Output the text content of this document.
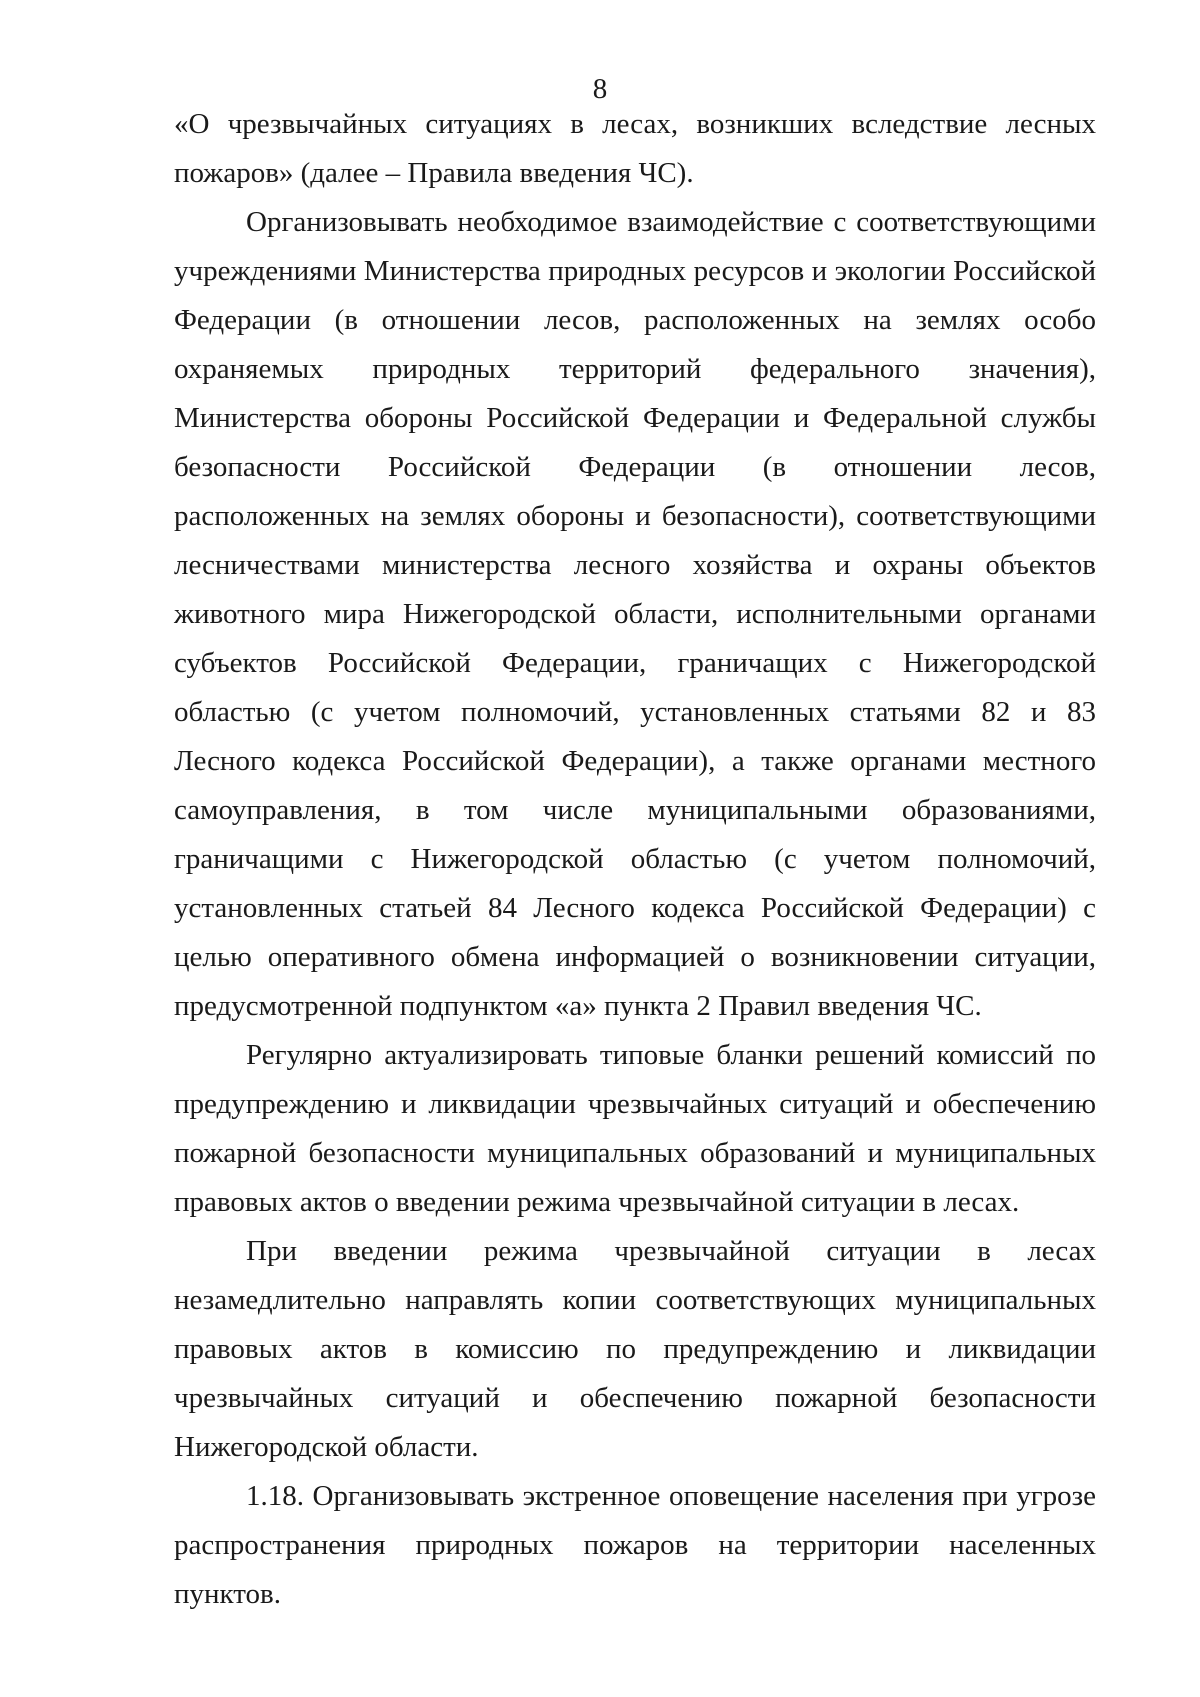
8

«О чрезвычайных ситуациях в лесах, возникших вследствие лесных пожаров» (далее – Правила введения ЧС).

Организовывать необходимое взаимодействие с соответствующими учреждениями Министерства природных ресурсов и экологии Российской Федерации (в отношении лесов, расположенных на землях особо охраняемых природных территорий федерального значения), Министерства обороны Российской Федерации и Федеральной службы безопасности Российской Федерации (в отношении лесов, расположенных на землях обороны и безопасности), соответствующими лесничествами министерства лесного хозяйства и охраны объектов животного мира Нижегородской области, исполнительными органами субъектов Российской Федерации, граничащих с Нижегородской областью (с учетом полномочий, установленных статьями 82 и 83 Лесного кодекса Российской Федерации), а также органами местного самоуправления, в том числе муниципальными образованиями, граничащими с Нижегородской областью (с учетом полномочий, установленных статьей 84 Лесного кодекса Российской Федерации) с целью оперативного обмена информацией о возникновении ситуации, предусмотренной подпунктом «а» пункта 2 Правил введения ЧС.

Регулярно актуализировать типовые бланки решений комиссий по предупреждению и ликвидации чрезвычайных ситуаций и обеспечению пожарной безопасности муниципальных образований и муниципальных правовых актов о введении режима чрезвычайной ситуации в лесах.

При введении режима чрезвычайной ситуации в лесах незамедлительно направлять копии соответствующих муниципальных правовых актов в комиссию по предупреждению и ликвидации чрезвычайных ситуаций и обеспечению пожарной безопасности Нижегородской области.

1.18. Организовывать экстренное оповещение населения при угрозе распространения природных пожаров на территории населенных пунктов.
